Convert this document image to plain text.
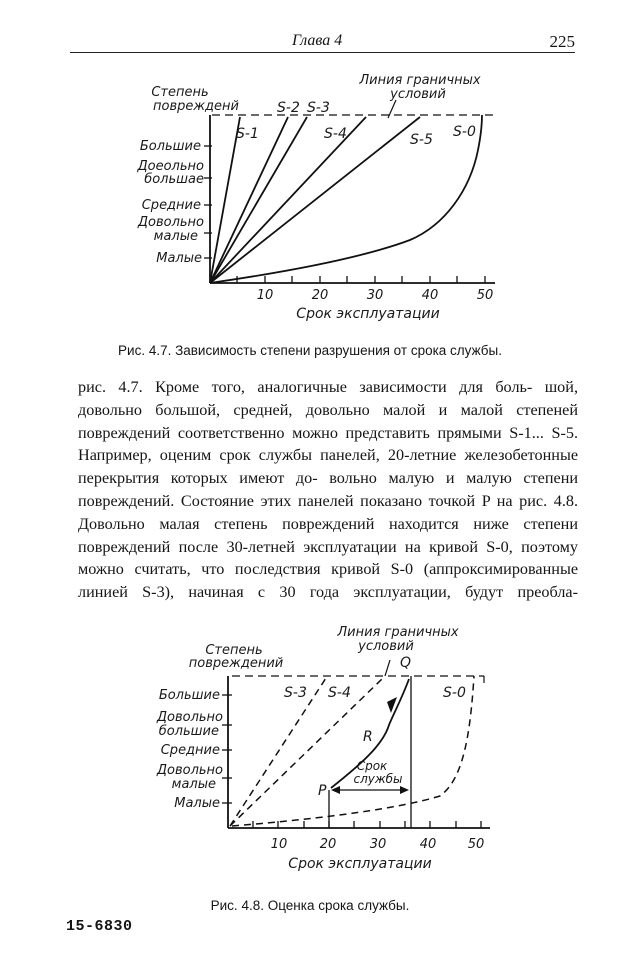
Глава 4	225
Степень
поврежденй
Линия граничных
условий
Большие
Доеольно
большае
Средние
Довольно
малые
Малые
S-1
S-2 S-3
S-4	S-5 S-0
10	20	30	40	50
Срок эксплуатации
Рис. 4.7. Зависимость степени разрушения от срока службы.

рис. 4.7. Кроме того, аналогичные зависимости для боль- шой, довольно большой, средней, довольно малой и малой степеней повреждений соответственно можно представить прямыми S-1... S-5. Например, оценим срок службы панелей, 20-летние железобетонные перекрытия которых имеют до- вольно малую и малую степени повреждений. Состояние этих панелей показано точкой P на рис. 4.8. Довольно малая степень повреждений находится ниже степени повреждений после 30-летней эксплуатации на кривой S-0, поэтому можно считать, что последствия кривой S-0 (аппроксимированные линией S-3), начиная с 30 года эксплуатации, будут преобла-

Степень
повреждений
Линия граничных
условий
Большие
Довольно
большие
Средние
Довольно
малые
Малые
S-3 S-4	S-0
Q
R
P
Срок
службы
10 20	30	40 50
Срок эксплуатации
Рис. 4.8. Оценка срока службы.
15-6830
